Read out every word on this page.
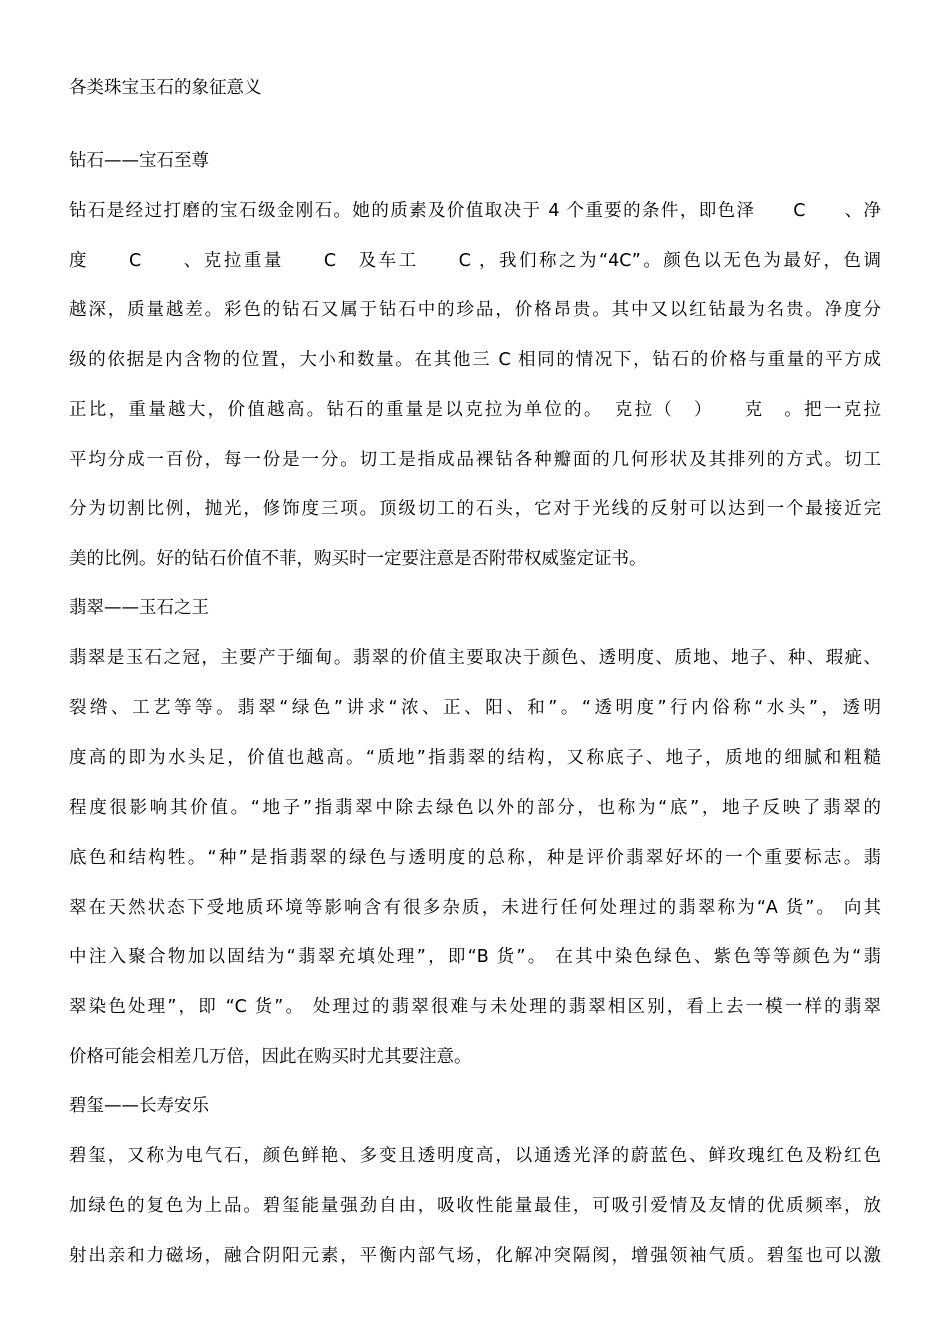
各类珠宝玉石的象征意义
钻石——宝石至尊
钻石是经过打磨的宝石级金刚石。她的质素及价值取决于 4 个重要的条件，即色泽　　C　　、净
度　　C　　、克拉重量　　C　及车工　　C ，我们称之为“4C”。颜色以无色为最好，色调
越深，质量越差。彩色的钻石又属于钻石中的珍品，价格昂贵。其中又以红钻最为名贵。净度分
级的依据是内含物的位置，大小和数量。在其他三 C 相同的情况下，钻石的价格与重量的平方成
正比，重量越大，价值越高。钻石的重量是以克拉为单位的。　克拉（　）　　克　。把一克拉
平均分成一百份，每一份是一分。切工是指成品裸钻各种瓣面的几何形状及其排列的方式。切工
分为切割比例，抛光，修饰度三项。顶级切工的石头，它对于光线的反射可以达到一个最接近完
美的比例。好的钻石价值不菲，购买时一定要注意是否附带权威鉴定证书。
翡翠——玉石之王
翡翠是玉石之冠，主要产于缅甸。翡翠的价值主要取决于颜色、透明度、质地、地子、种、瑕疵、
裂绺、工艺等等。翡翠“绿色”讲求“浓、正、阳、和”。“透明度”行内俗称“水头”，透明
度高的即为水头足，价值也越高。“质地”指翡翠的结构，又称底子、地子，质地的细腻和粗糙
程度很影响其价值。“地子”指翡翠中除去绿色以外的部分，也称为“底”，地子反映了翡翠的
底色和结构牲。“种”是指翡翠的绿色与透明度的总称，种是评价翡翠好坏的一个重要标志。翡
翠在天然状态下受地质环境等影响含有很多杂质，未进行任何处理过的翡翠称为“A 货”。 向其
中注入聚合物加以固结为“翡翠充填处理”，即“B 货”。 在其中染色绿色、紫色等等颜色为“翡
翠染色处理”，即 “C 货”。 处理过的翡翠很难与未处理的翡翠相区别，看上去一模一样的翡翠
价格可能会相差几万倍，因此在购买时尤其要注意。
碧玺——长寿安乐
碧玺，又称为电气石，颜色鲜艳、多变且透明度高，以通透光泽的蔚蓝色、鲜玫瑰红色及粉红色
加绿色的复色为上品。碧玺能量强劲自由，吸收性能量最佳，可吸引爱情及友情的优质频率，放
射出亲和力磁场，融合阴阳元素，平衡内部气场，化解冲突隔阂，增强领袖气质。碧玺也可以激
